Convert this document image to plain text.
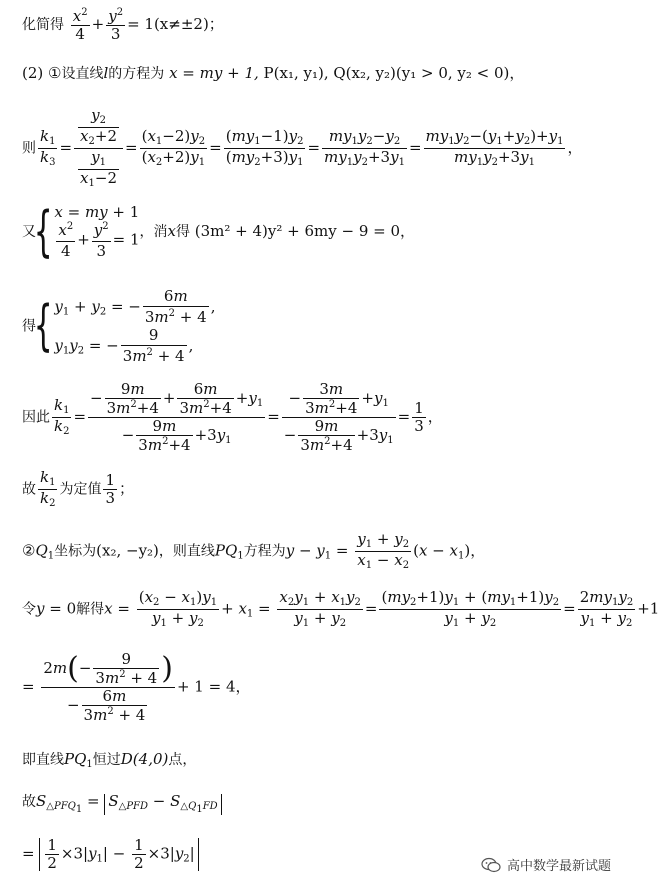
化简得 $\frac{x^2}{4} + \frac{y^2}{3} = 1(x\ne\pm 2)$；
(2) ①设直线l的方程为 x = my + 1, P(x₁, y₁), Q(x₂, y₂)(y₁ > 0, y₂ < 0)，
则 $\frac{k_1}{k_3} = \frac{\frac{y_2}{x_2+2}}{\frac{y_1}{x_1-2}} = \frac{(x_1-2)y_2}{(x_2+2)y_1} = \frac{(my_1-1)y_2}{(my_2+3)y_1} = \frac{my_1y_2-y_2}{my_1y_2+3y_1} = \frac{my_1y_2-(y_1+y_2)+y_1}{my_1y_2+3y_1}$ ，
又{ x = my + 1
$\frac{x^2}{4} + \frac{y^2}{3} = 1$ ，消x得 (3m² + 4)y² + 6my − 9 = 0，
得{ $y_1 + y_2$ = − $\frac{6m}{3m^2 + 4}$ ,
$y_1y_2$ = − $\frac{9}{3m^2 + 4}$ ,
因此 $\frac{k_1}{k_2} = \frac{- \frac{9m}{3m^2+4} + \frac{6m}{3m^2+4} +y_1}{- \frac{9m}{3m^2+4} +3y_1} = \frac{- \frac{3m}{3m^2+4} +y_1}{- \frac{9m}{3m^2+4} +3y_1} = \frac{1}{3}$ ，
故 $\frac{k_1}{k_2}$ 为定值 $\frac{1}{3}$ ；
$②Q_1$坐标为(x₂, −y₂)，则直线$PQ_1$方程为$y - y_1 = \frac{y_1 + y_2}{x_1 - x_2} (x - x_1)$，
令y = 0解得$x = \frac{(x_2 - x_1)y_1}{y_1 + y_2} + x_1 = \frac{x_2y_1 + x_1y_2}{y_1 + y_2} = \frac{(my_2+1)y_1 + (my_1+1)y_2}{y_1 + y_2} = \frac{2my_1y_2}{y_1 + y_2} +1$
= $\frac{2m(- \frac{9}{3m^2 + 4} )}{- \frac{6m}{3m^2 + 4}} + 1 = 4$，
即直线$PQ_1$恒过D(4,0)点，
故$S_{\triangle PFQ_1} = S_{\triangle PFD} - S_{\triangle Q_1FD}$
= $\frac{1}{2} \times 3|y_1| - \frac{1}{2} \times 3|y_2|$
高中数学最新试题
